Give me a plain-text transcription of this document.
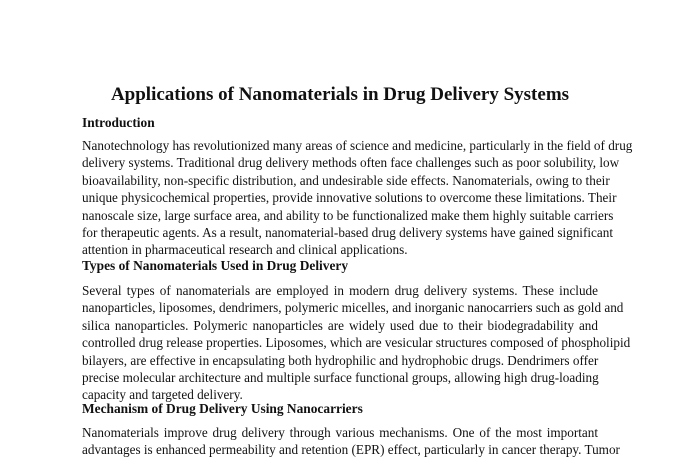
Applications of Nanomaterials in Drug Delivery Systems
Introduction

Nanotechnology has revolutionized many areas of science and medicine, particularly in the field of drug
delivery systems. Traditional drug delivery methods often face challenges such as poor solubility, low
bioavailability, non-specific distribution, and undesirable side effects. Nanomaterials, owing to their
unique physicochemical properties, provide innovative solutions to overcome these limitations. Their
nanoscale size, large surface area, and ability to be functionalized make them highly suitable carriers
for therapeutic agents. As a result, nanomaterial-based drug delivery systems have gained significant
attention in pharmaceutical research and clinical applications.

Types of Nanomaterials Used in Drug Delivery

Several types of nanomaterials are employed in modern drug delivery systems. These include
nanoparticles, liposomes, dendrimers, polymeric micelles, and inorganic nanocarriers such as gold and
silica nanoparticles. Polymeric nanoparticles are widely used due to their biodegradability and
controlled drug release properties. Liposomes, which are vesicular structures composed of phospholipid
bilayers, are effective in encapsulating both hydrophilic and hydrophobic drugs. Dendrimers offer
precise molecular architecture and multiple surface functional groups, allowing high drug-loading
capacity and targeted delivery.

Mechanism of Drug Delivery Using Nanocarriers

Nanomaterials improve drug delivery through various mechanisms. One of the most important
advantages is enhanced permeability and retention (EPR) effect, particularly in cancer therapy. Tumor
